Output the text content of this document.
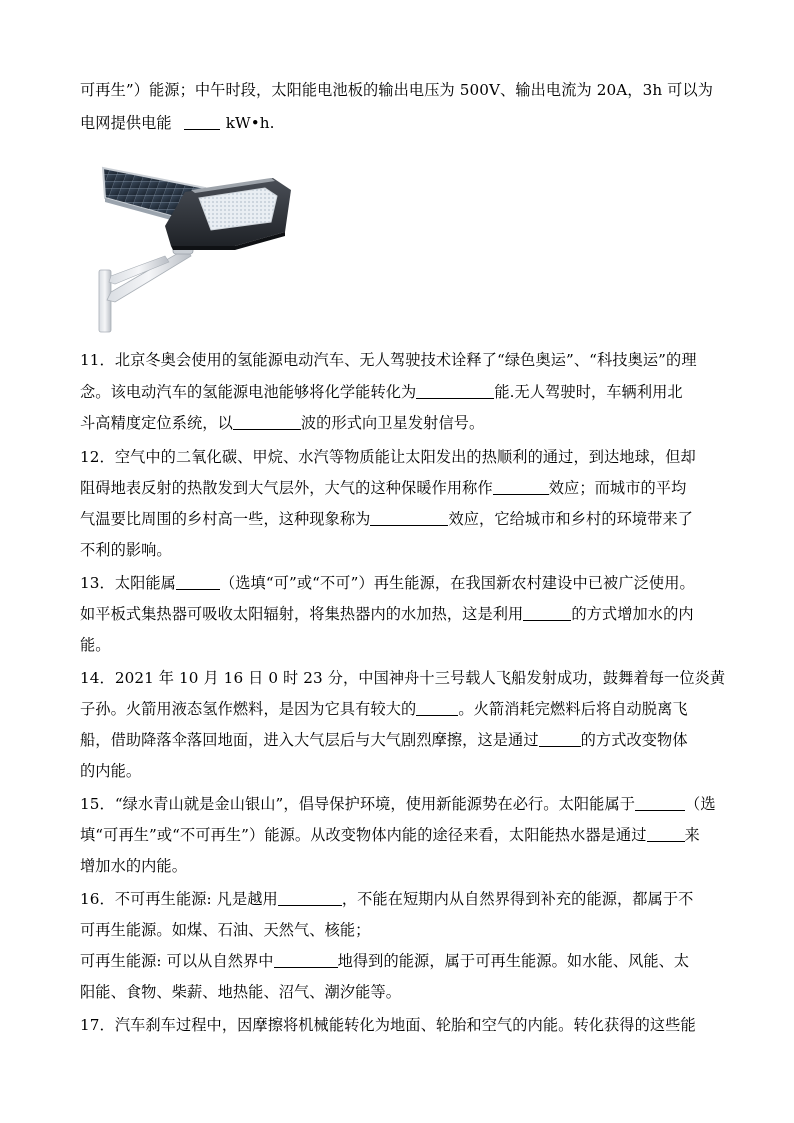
可再生”）能源；中午时段，太阳能电池板的输出电压为 500V、输出电流为 20A，3h 可以为
电网提供电能	kW•h.
11．北京冬奥会使用的氢能源电动汽车、无人驾驶技术诠释了“绿色奥运”、“科技奥运”的理
念。该电动汽车的氢能源电池能够将化学能转化为	能.无人驾驶时，车辆利用北
斗高精度定位系统，以	波的形式向卫星发射信号。
12．空气中的二氧化碳、甲烷、水汽等物质能让太阳发出的热顺利的通过，到达地球，但却
阻碍地表反射的热散发到大气层外，大气的这种保暖作用称作	效应；而城市的平均
气温要比周围的乡村高一些，这种现象称为	效应，它给城市和乡村的环境带来了
不利的影响。
13．太阳能属	（选填“可”或“不可”）再生能源，在我国新农村建设中已被广泛使用。
如平板式集热器可吸收太阳辐射，将集热器内的水加热，这是利用	的方式增加水的内
能。
14．2021 年 10 月 16 日 0 时 23 分，中国神舟十三号载人飞船发射成功，鼓舞着每一位炎黄
子孙。火箭用液态氢作燃料，是因为它具有较大的	。火箭消耗完燃料后将自动脱离飞
船，借助降落伞落回地面，进入大气层后与大气剧烈摩擦，这是通过	的方式改变物体
的内能。
15．“绿水青山就是金山银山”，倡导保护环境，使用新能源势在必行。太阳能属于	（选
填“可再生”或“不可再生”）能源。从改变物体内能的途径来看，太阳能热水器是通过	来
增加水的内能。
16．不可再生能源: 凡是越用	，不能在短期内从自然界得到补充的能源，都属于不
可再生能源。如煤、石油、天然气、核能；
可再生能源: 可以从自然界中	地得到的能源，属于可再生能源。如水能、风能、太
阳能、食物、柴薪、地热能、沼气、潮汐能等。
17．汽车刹车过程中，因摩擦将机械能转化为地面、轮胎和空气的内能。转化获得的这些能
